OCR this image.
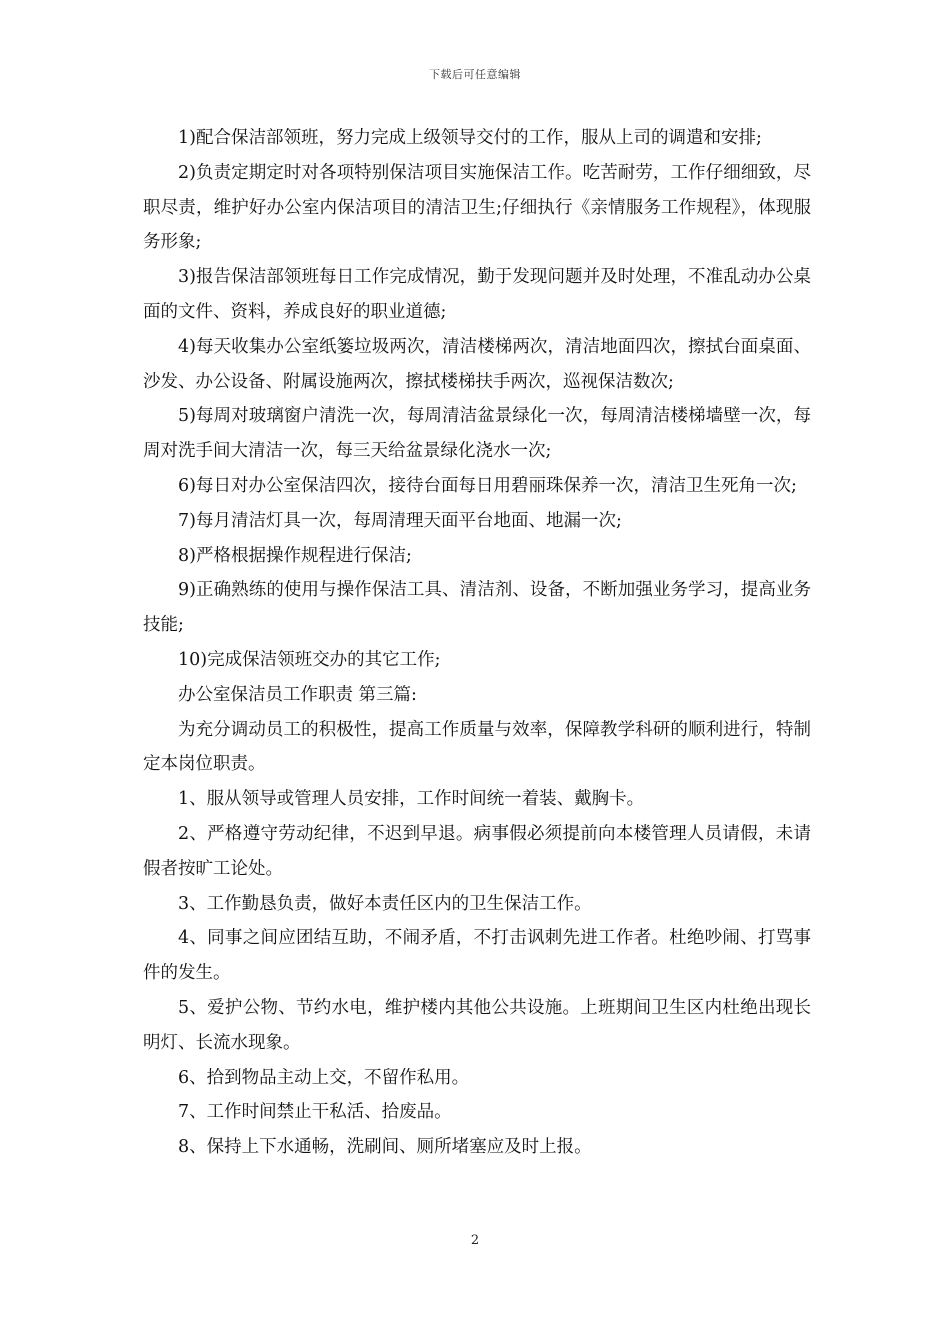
下载后可任意编辑

1)配合保洁部领班，努力完成上级领导交付的工作，服从上司的调遣和安排;

2)负责定期定时对各项特别保洁项目实施保洁工作。吃苦耐劳，工作仔细细致，尽职尽责，维护好办公室内保洁项目的清洁卫生;仔细执行《亲情服务工作规程》，体现服务形象;

3)报告保洁部领班每日工作完成情况，勤于发现问题并及时处理，不准乱动办公桌面的文件、资料，养成良好的职业道德;

4)每天收集办公室纸篓垃圾两次，清洁楼梯两次，清洁地面四次，擦拭台面桌面、沙发、办公设备、附属设施两次，擦拭楼梯扶手两次，巡视保洁数次;

5)每周对玻璃窗户清洗一次，每周清洁盆景绿化一次，每周清洁楼梯墙壁一次，每周对洗手间大清洁一次，每三天给盆景绿化浇水一次;

6)每日对办公室保洁四次，接待台面每日用碧丽珠保养一次，清洁卫生死角一次;

7)每月清洁灯具一次，每周清理天面平台地面、地漏一次;

8)严格根据操作规程进行保洁;

9)正确熟练的使用与操作保洁工具、清洁剂、设备，不断加强业务学习，提高业务技能;

10)完成保洁领班交办的其它工作;

办公室保洁员工作职责 第三篇:

为充分调动员工的积极性，提高工作质量与效率，保障教学科研的顺利进行，特制定本岗位职责。

1、服从领导或管理人员安排，工作时间统一着装、戴胸卡。

2、严格遵守劳动纪律，不迟到早退。病事假必须提前向本楼管理人员请假，未请假者按旷工论处。

3、工作勤恳负责，做好本责任区内的卫生保洁工作。

4、同事之间应团结互助，不闹矛盾，不打击讽刺先进工作者。杜绝吵闹、打骂事件的发生。

5、爱护公物、节约水电，维护楼内其他公共设施。上班期间卫生区内杜绝出现长明灯、长流水现象。

6、拾到物品主动上交，不留作私用。

7、工作时间禁止干私活、拾废品。

8、保持上下水通畅，洗刷间、厕所堵塞应及时上报。

2
